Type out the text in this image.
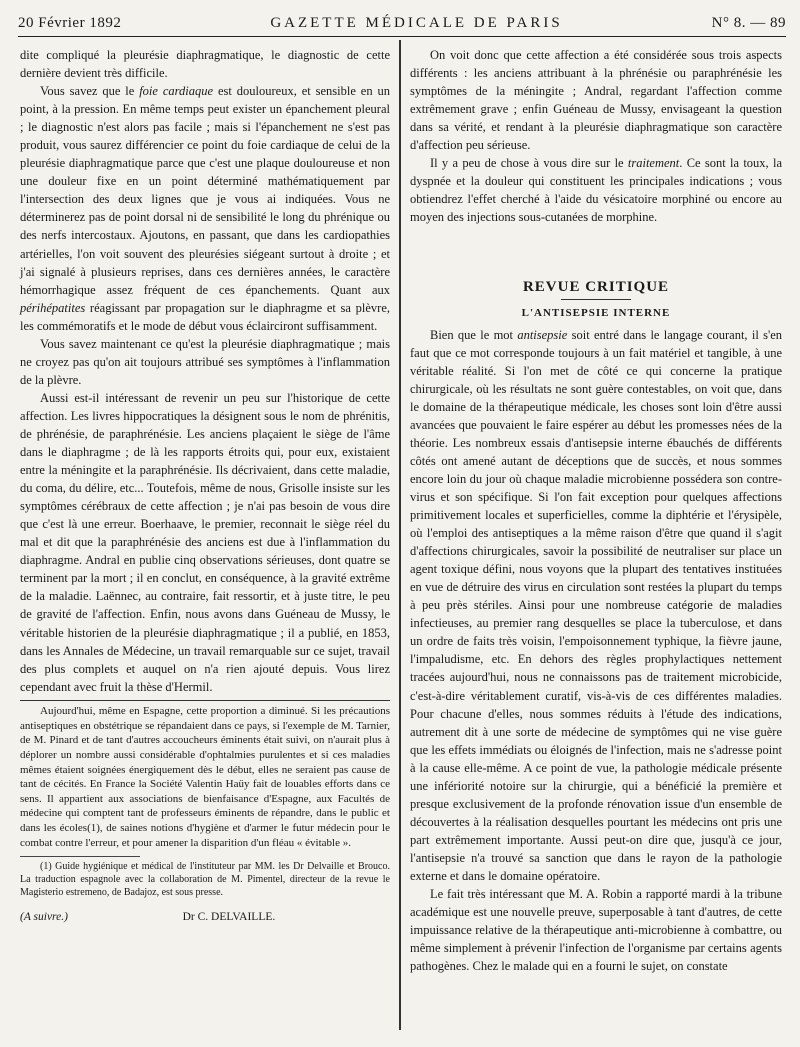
20 Février 1892	GAZETTE MÉDICALE DE PARIS	N° 8. — 89

dite compliqué la pleurésie diaphragmatique, le diagnostic de cette dernière devient très difficile.

Vous savez que le foie cardiaque est douloureux, et sensible en un point, à la pression. En même temps peut exister un épanchement pleural ; le diagnostic n'est alors pas facile ; mais si l'épanchement ne s'est pas produit, vous saurez différencier ce point du foie cardiaque de celui de la pleurésie diaphragmatique parce que c'est une plaque douloureuse et non une douleur fixe en un point déterminé mathématiquement par l'intersection des deux lignes que je vous ai indiquées. Vous ne déterminerez pas de point dorsal ni de sensibilité le long du phrénique ou des nerfs intercostaux. Ajoutons, en passant, que dans les cardiopathies artérielles, l'on voit souvent des pleurésies siégeant surtout à droite ; et j'ai signalé à plusieurs reprises, dans ces dernières années, le caractère hémorrhagique assez fréquent de ces épanchements. Quant aux périhépatites réagissant par propagation sur le diaphragme et sa plèvre, les commémoratifs et le mode de début vous éclairciront suffisamment.

Vous savez maintenant ce qu'est la pleurésie diaphragmatique ; mais ne croyez pas qu'on ait toujours attribué ses symptômes à l'inflammation de la plèvre.

Aussi est-il intéressant de revenir un peu sur l'historique de cette affection. Les livres hippocratiques la désignent sous le nom de phrénitis, de phrénésie, de paraphrénésie. Les anciens plaçaient le siège de l'âme dans le diaphragme ; de là les rapports étroits qui, pour eux, existaient entre la méningite et la paraphrénésie. Ils décrivaient, dans cette maladie, du coma, du délire, etc... Toutefois, même de nous, Grisolle insiste sur les symptômes cérébraux de cette affection ; je n'ai pas besoin de vous dire que c'est là une erreur. Boerhaave, le premier, reconnait le siège réel du mal et dit que la paraphrénésie des anciens est due à l'inflammation du diaphragme. Andral en publie cinq observations sérieuses, dont quatre se terminent par la mort ; il en conclut, en conséquence, à la gravité extrême de la maladie. Laënnec, au contraire, fait ressortir, et à juste titre, le peu de gravité de l'affection. Enfin, nous avons dans Guéneau de Mussy, le véritable historien de la pleurésie diaphragmatique ; il a publié, en 1853, dans les Annales de Médecine, un travail remarquable sur ce sujet, travail des plus complets et auquel on n'a rien ajouté depuis. Vous lirez cependant avec fruit la thèse d'Hermil.

Aujourd'hui, même en Espagne, cette proportion a diminué. Si les précautions antiseptiques en obstétrique se répandaient dans ce pays, si l'exemple de M. Tarnier, de M. Pinard et de tant d'autres accoucheurs éminents était suivi, on n'aurait plus à déplorer un nombre aussi considérable d'ophtalmies purulentes et si ces maladies mêmes étaient soignées énergiquement dès le début, elles ne seraient pas cause de tant de cécités. En France la Société Valentin Haüy fait de louables efforts dans ce sens. Il appartient aux associations de bienfaisance d'Espagne, aux Facultés de médecine qui comptent tant de professeurs éminents de répandre, dans le public et dans les écoles(1), de saines notions d'hygiène et d'armer le futur médecin pour le combat contre l'erreur, et pour amener la disparition d'un fléau « évitable ».

(1) Guide hygiénique et médical de l'instituteur par MM. les Dr Delvaille et Brouco. La traduction espagnole avec la collaboration de M. Pimentel, directeur de la revue le Magisterio estremeno, de Badajoz, est sous presse.

(A suivre.)	Dr C. DELVAILLE.

On voit donc que cette affection a été considérée sous trois aspects différents : les anciens attribuant à la phrénésie ou paraphrénésie les symptômes de la méningite ; Andral, regardant l'affection comme extrêmement grave ; enfin Guéneau de Mussy, envisageant la question dans sa vérité, et rendant à la pleurésie diaphragmatique son caractère d'affection peu sérieuse.

Il y a peu de chose à vous dire sur le traitement. Ce sont la toux, la dyspnée et la douleur qui constituent les principales indications ; vous obtiendrez l'effet cherché à l'aide du vésicatoire morphiné ou encore au moyen des injections sous-cutanées de morphine.

REVUE CRITIQUE
L'ANTISEPSIE INTERNE

Bien que le mot antisepsie soit entré dans le langage courant, il s'en faut que ce mot corresponde toujours à un fait matériel et tangible, à une véritable réalité. Si l'on met de côté ce qui concerne la pratique chirurgicale, où les résultats ne sont guère contestables, on voit que, dans le domaine de la thérapeutique médicale, les choses sont loin d'être aussi avancées que pouvaient le faire espérer au début les promesses nées de la théorie. Les nombreux essais d'antisepsie interne ébauchés de différents côtés ont amené autant de déceptions que de succès, et nous sommes encore loin du jour où chaque maladie microbienne possédera son contre-virus et son spécifique. Si l'on fait exception pour quelques affections primitivement locales et superficielles, comme la diphtérie et l'érysipèle, où l'emploi des antiseptiques a la même raison d'être que quand il s'agit d'affections chirurgicales, savoir la possibilité de neutraliser sur place un agent toxique défini, nous voyons que la plupart des tentatives instituées en vue de détruire des virus en circulation sont restées la plupart du temps à peu près stériles. Ainsi pour une nombreuse catégorie de maladies infectieuses, au premier rang desquelles se place la tuberculose, et dans un ordre de faits très voisin, l'empoisonnement typhique, la fièvre jaune, l'impaludisme, etc. En dehors des règles prophylactiques nettement tracées aujourd'hui, nous ne connaissons pas de traitement microbicide, c'est-à-dire véritablement curatif, vis-à-vis de ces différentes maladies. Pour chacune d'elles, nous sommes réduits à l'étude des indications, autrement dit à une sorte de médecine de symptômes qui ne vise guère que les effets immédiats ou éloignés de l'infection, mais ne s'adresse point à la cause elle-même. A ce point de vue, la pathologie médicale présente une infériorité notoire sur la chirurgie, qui a bénéficié la première et presque exclusivement de la profonde rénovation issue d'un ensemble de découvertes à la réalisation desquelles pourtant les médecins ont pris une part extrêmement importante. Aussi peut-on dire que, jusqu'à ce jour, l'antisepsie n'a trouvé sa sanction que dans le rayon de la pathologie externe et dans le domaine opératoire.

Le fait très intéressant que M. A. Robin a rapporté mardi à la tribune académique est une nouvelle preuve, superposable à tant d'autres, de cette impuissance relative de la thérapeutique anti-microbienne à combattre, ou même simplement à prévenir l'infection de l'organisme par certains agents pathogènes. Chez le malade qui en a fourni le sujet, on constate
